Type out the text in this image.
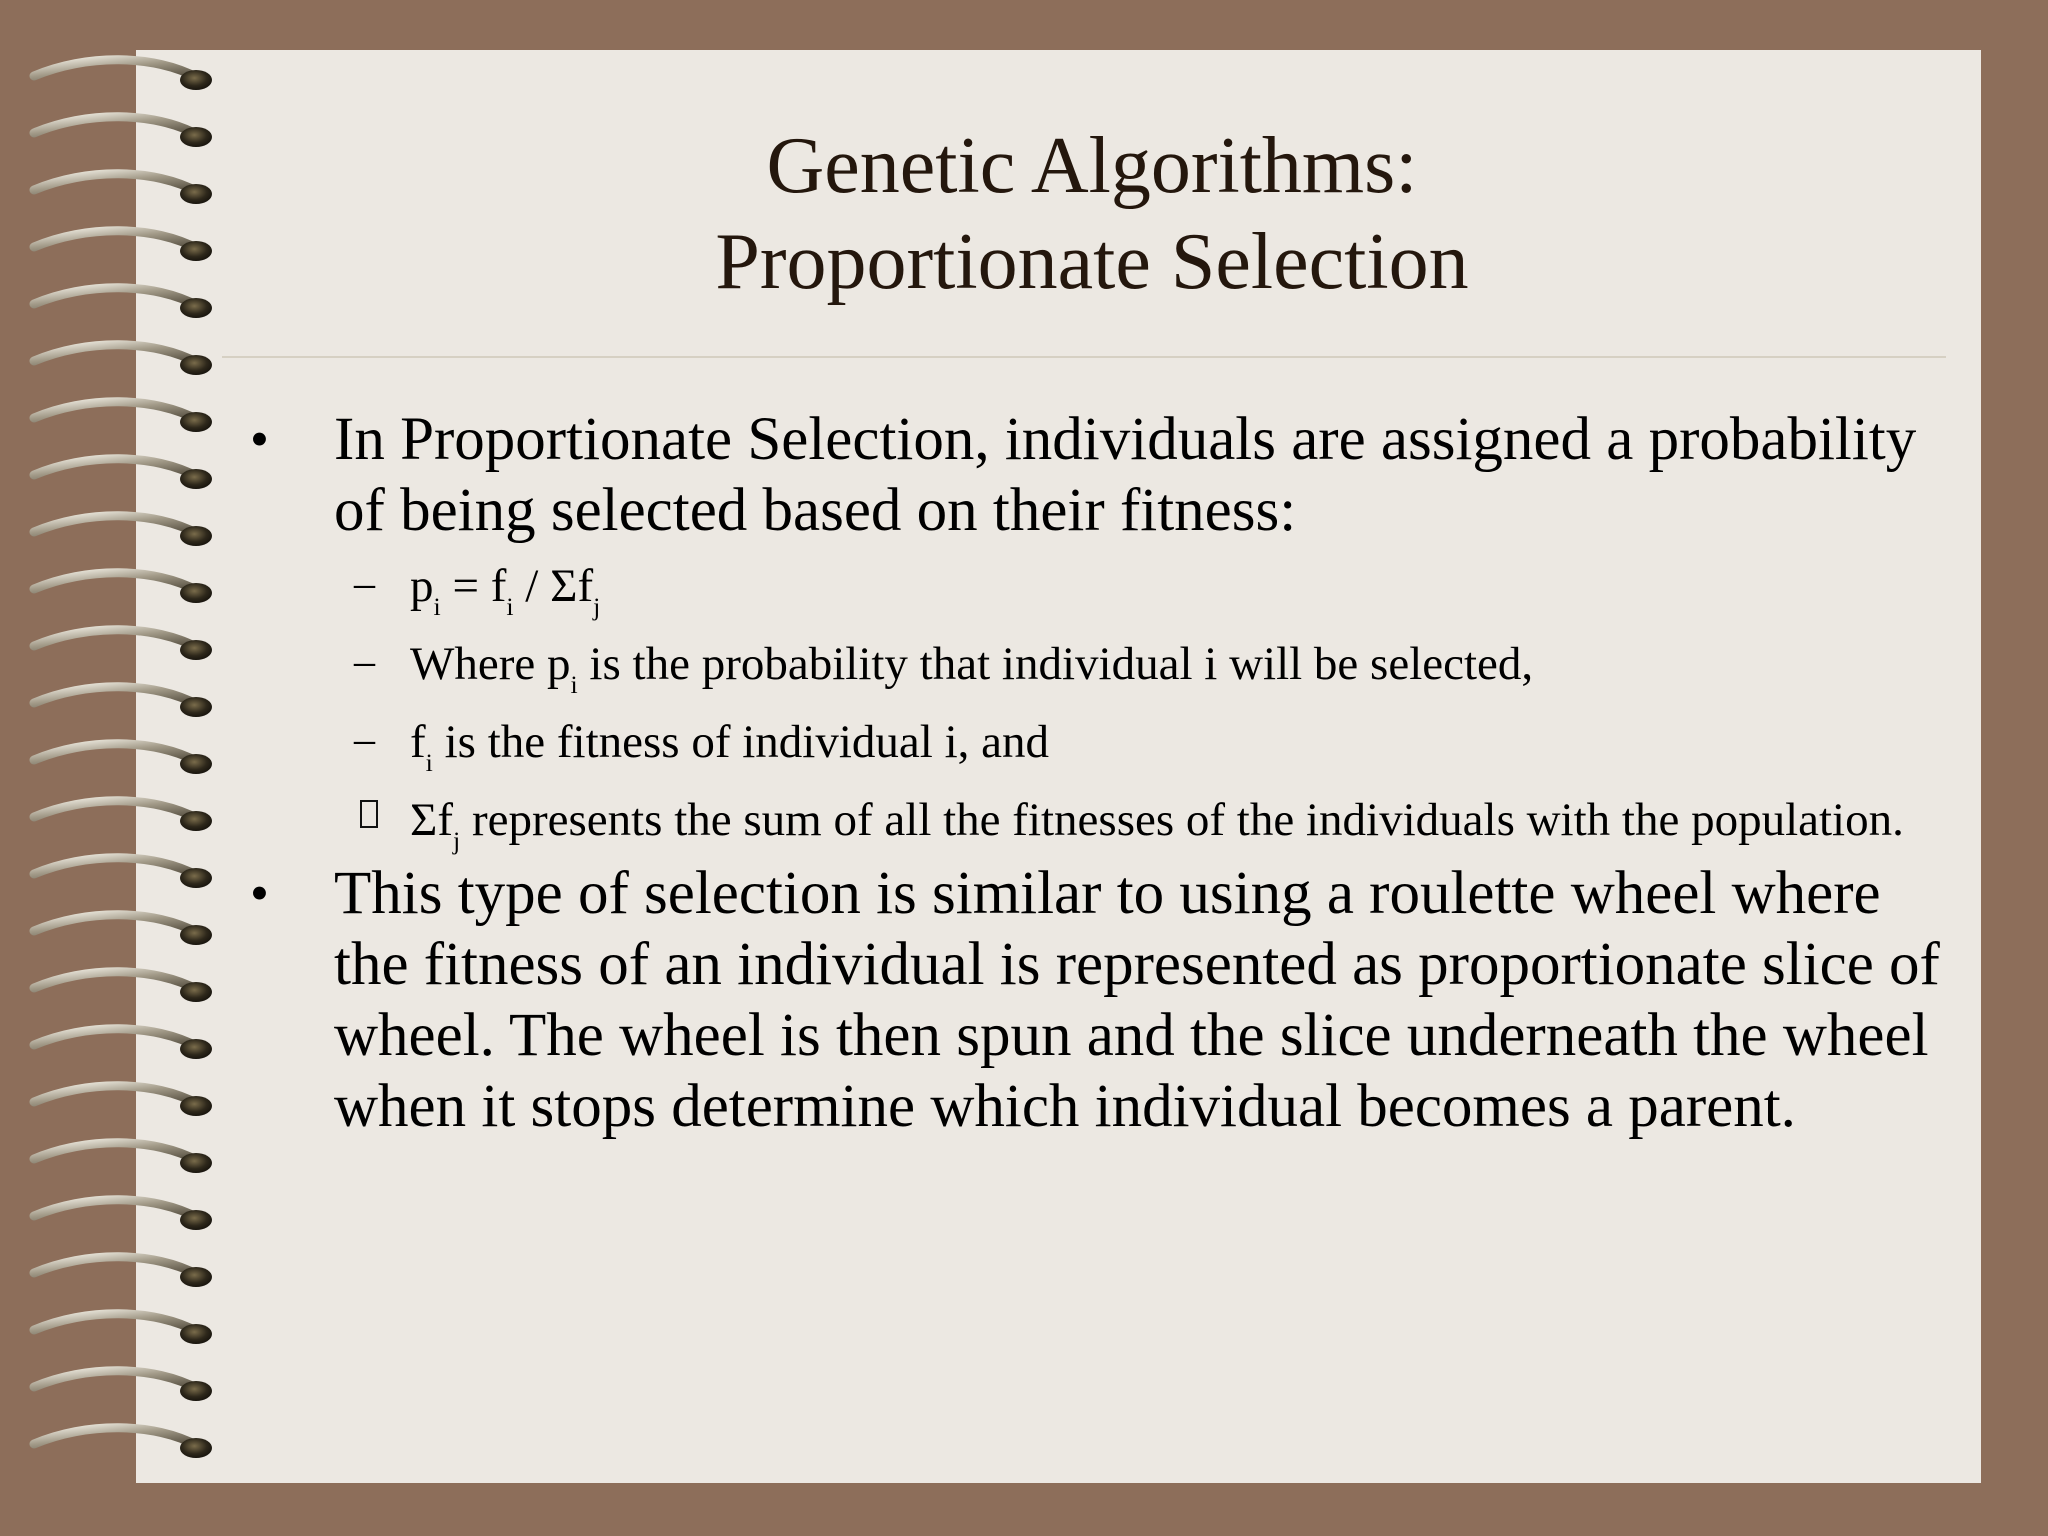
Genetic Algorithms:
Proportionate Selection
•	In Proportionate Selection, individuals are assigned a probability of being selected based on their fitness:
– $p_i = f_i / \Sigma f_j$
– Where $p_i$ is the probability that individual i will be selected,
– $f_i$ is the fitness of individual i, and
$\Sigma f_j$ represents the sum of all the fitnesses of the individuals with the population.
•	This type of selection is similar to using a roulette wheel where the fitness of an individual is represented as proportionate slice of wheel. The wheel is then spun and the slice underneath the wheel when it stops determine which individual becomes a parent.
